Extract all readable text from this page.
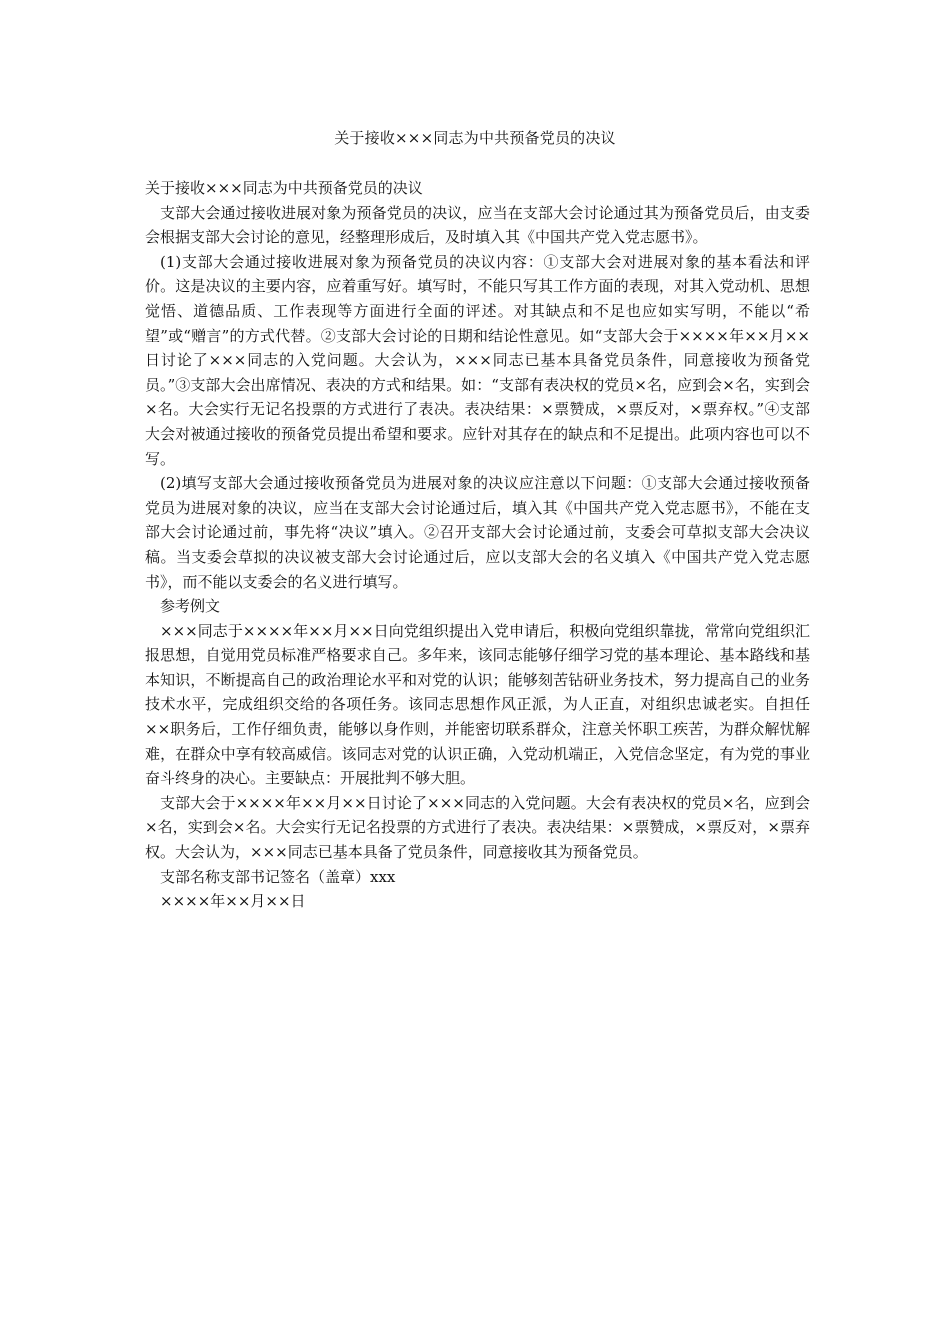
关于接收×××同志为中共预备党员的决议

关于接收×××同志为中共预备党员的决议

支部大会通过接收进展对象为预备党员的决议，应当在支部大会讨论通过其为预备党员后，由支委会根据支部大会讨论的意见，经整理形成后，及时填入其《中国共产党入党志愿书》。

(1)支部大会通过接收进展对象为预备党员的决议内容：①支部大会对进展对象的基本看法和评价。这是决议的主要内容，应着重写好。填写时，不能只写其工作方面的表现，对其入党动机、思想觉悟、道德品质、工作表现等方面进行全面的评述。对其缺点和不足也应如实写明，不能以“希望”或“赠言”的方式代替。②支部大会讨论的日期和结论性意见。如“支部大会于××××年××月××日讨论了×××同志的入党问题。大会认为，×××同志已基本具备党员条件，同意接收为预备党员。”③支部大会出席情况、表决的方式和结果。如：“支部有表决权的党员×名，应到会×名，实到会×名。大会实行无记名投票的方式进行了表决。表决结果：×票赞成，×票反对，×票弃权。”④支部大会对被通过接收的预备党员提出希望和要求。应针对其存在的缺点和不足提出。此项内容也可以不写。

(2)填写支部大会通过接收预备党员为进展对象的决议应注意以下问题：①支部大会通过接收预备党员为进展对象的决议，应当在支部大会讨论通过后，填入其《中国共产党入党志愿书》，不能在支部大会讨论通过前，事先将“决议”填入。②召开支部大会讨论通过前，支委会可草拟支部大会决议稿。当支委会草拟的决议被支部大会讨论通过后，应以支部大会的名义填入《中国共产党入党志愿书》，而不能以支委会的名义进行填写。

参考例文

×××同志于××××年××月××日向党组织提出入党申请后，积极向党组织靠拢，常常向党组织汇报思想，自觉用党员标准严格要求自己。多年来，该同志能够仔细学习党的基本理论、基本路线和基本知识，不断提高自己的政治理论水平和对党的认识；能够刻苦钻研业务技术，努力提高自己的业务技术水平，完成组织交给的各项任务。该同志思想作风正派，为人正直，对组织忠诚老实。自担任××职务后，工作仔细负责，能够以身作则，并能密切联系群众，注意关怀职工疾苦，为群众解忧解难，在群众中享有较高威信。该同志对党的认识正确，入党动机端正，入党信念坚定，有为党的事业奋斗终身的决心。主要缺点：开展批判不够大胆。

支部大会于××××年××月××日讨论了×××同志的入党问题。大会有表决权的党员×名，应到会×名，实到会×名。大会实行无记名投票的方式进行了表决。表决结果：×票赞成，×票反对，×票弃权。大会认为，×××同志已基本具备了党员条件，同意接收其为预备党员。

支部名称支部书记签名（盖章）xxx

××××年××月××日
